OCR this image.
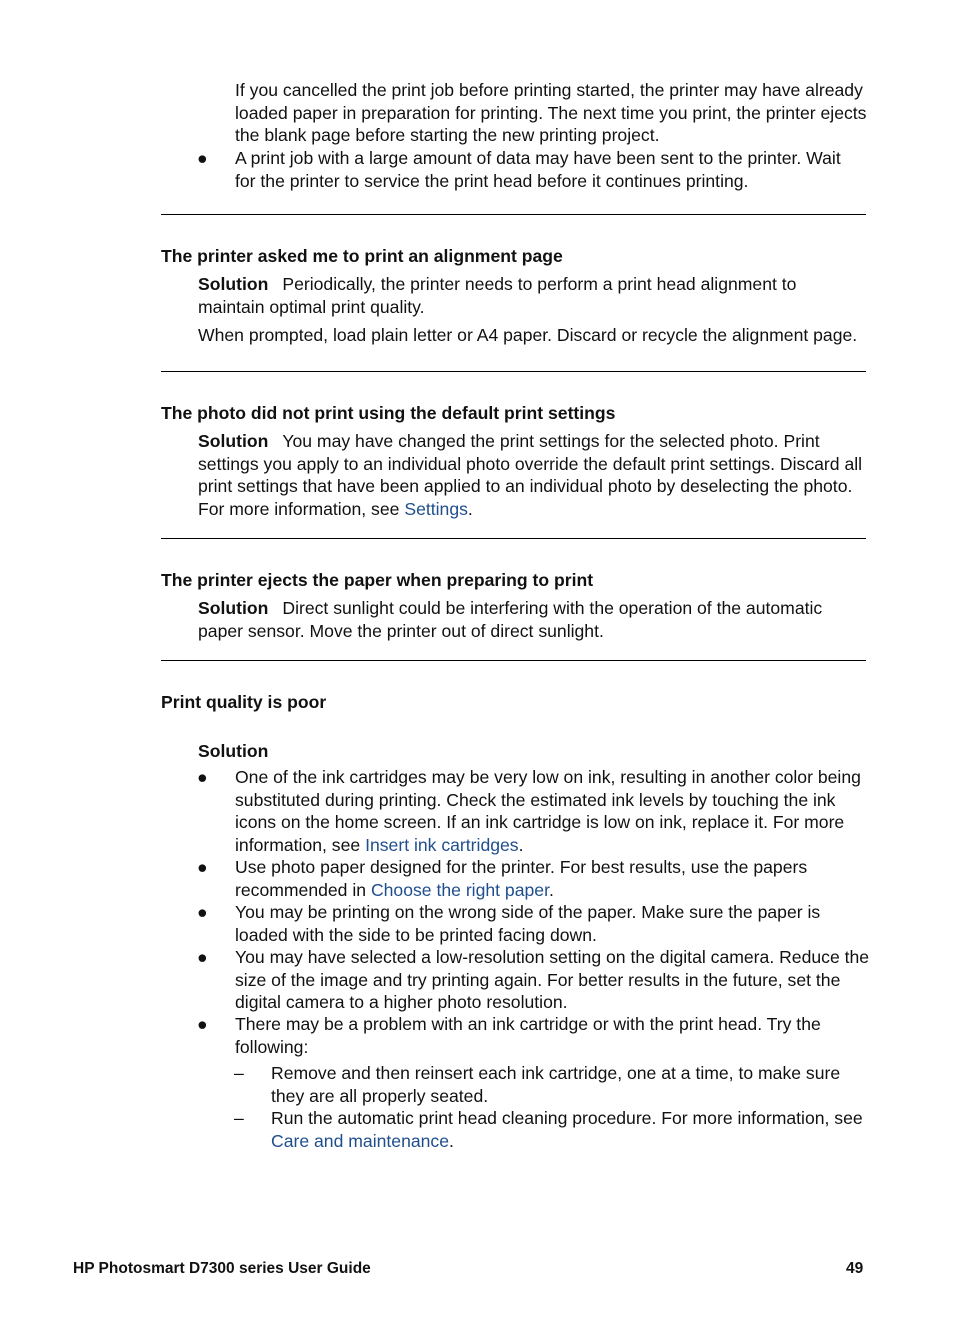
If you cancelled the print job before printing started, the printer may have already loaded paper in preparation for printing. The next time you print, the printer ejects the blank page before starting the new printing project.
● A print job with a large amount of data may have been sent to the printer. Wait for the printer to service the print head before it continues printing.
The printer asked me to print an alignment page
Solution Periodically, the printer needs to perform a print head alignment to maintain optimal print quality.
When prompted, load plain letter or A4 paper. Discard or recycle the alignment page.
The photo did not print using the default print settings
Solution You may have changed the print settings for the selected photo. Print settings you apply to an individual photo override the default print settings. Discard all print settings that have been applied to an individual photo by deselecting the photo. For more information, see Settings.
The printer ejects the paper when preparing to print
Solution Direct sunlight could be interfering with the operation of the automatic paper sensor. Move the printer out of direct sunlight.
Print quality is poor
Solution
● One of the ink cartridges may be very low on ink, resulting in another color being substituted during printing. Check the estimated ink levels by touching the ink icons on the home screen. If an ink cartridge is low on ink, replace it. For more information, see Insert ink cartridges.
● Use photo paper designed for the printer. For best results, use the papers recommended in Choose the right paper.
● You may be printing on the wrong side of the paper. Make sure the paper is loaded with the side to be printed facing down.
● You may have selected a low-resolution setting on the digital camera. Reduce the size of the image and try printing again. For better results in the future, set the digital camera to a higher photo resolution.
● There may be a problem with an ink cartridge or with the print head. Try the following:
– Remove and then reinsert each ink cartridge, one at a time, to make sure they are all properly seated.
– Run the automatic print head cleaning procedure. For more information, see Care and maintenance.
HP Photosmart D7300 series User Guide	49
